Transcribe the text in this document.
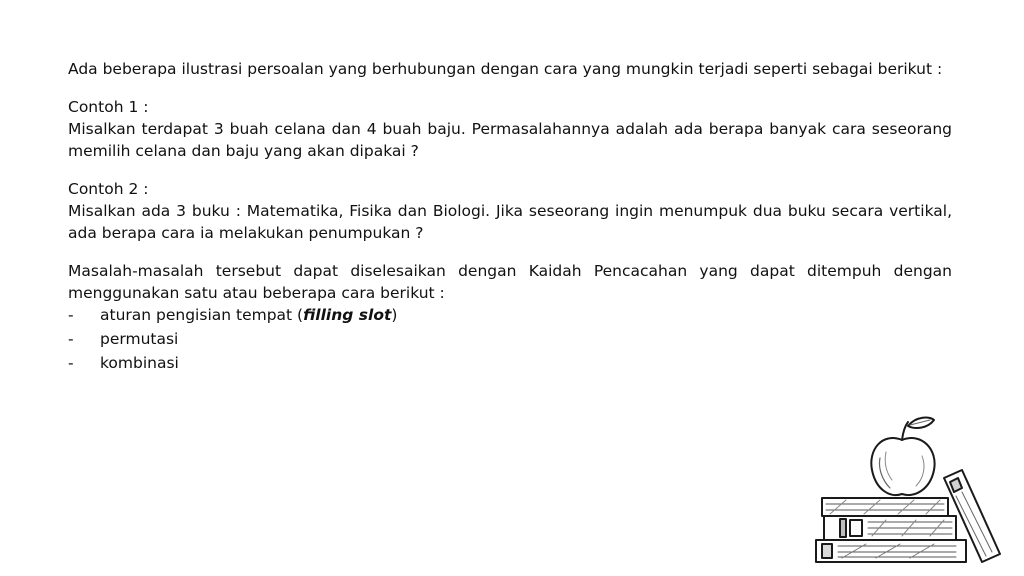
Ada beberapa ilustrasi persoalan yang berhubungan dengan cara yang mungkin terjadi seperti sebagai berikut :

Contoh 1 :

Misalkan terdapat 3 buah celana dan 4 buah baju. Permasalahannya adalah ada berapa banyak cara seseorang memilih celana dan baju yang akan dipakai ?

Contoh 2 :

Misalkan ada 3 buku : Matematika, Fisika dan Biologi. Jika seseorang ingin menumpuk dua buku secara vertikal, ada berapa cara ia melakukan penumpukan ?

Masalah-masalah tersebut dapat diselesaikan dengan Kaidah Pencacahan yang dapat ditempuh dengan menggunakan satu atau beberapa cara berikut :

-	aturan pengisian tempat (filling slot)
-	permutasi
-	kombinasi
